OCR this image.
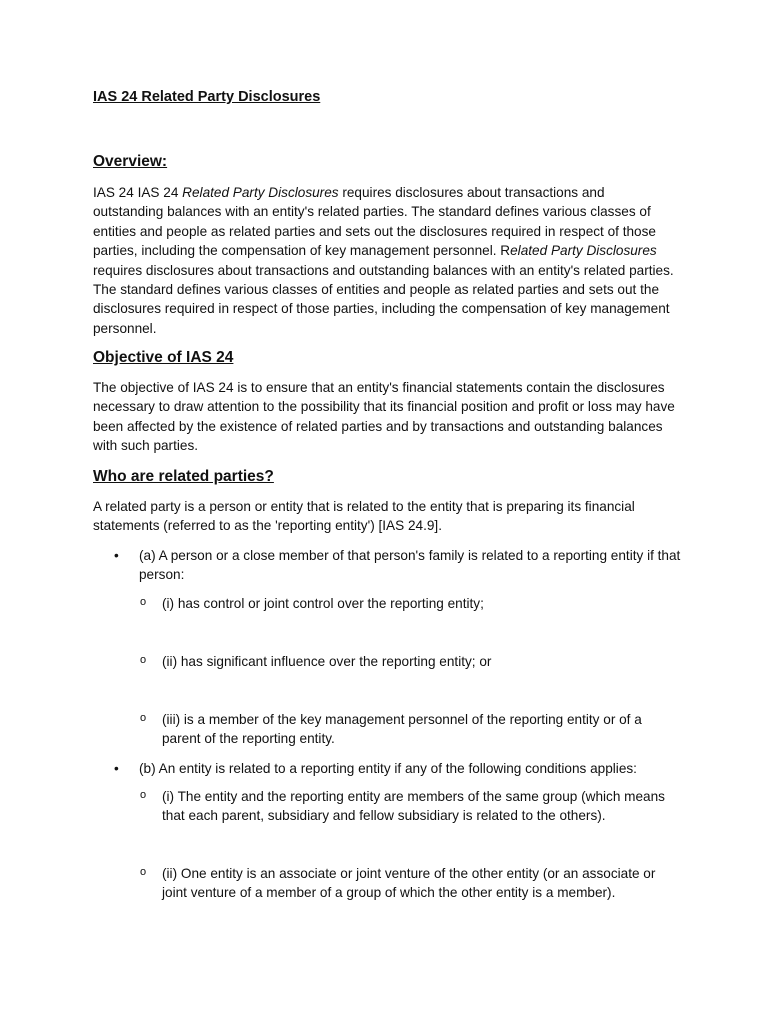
IAS 24 Related Party Disclosures
Overview:

IAS 24 IAS 24 Related Party Disclosures requires disclosures about transactions and outstanding balances with an entity's related parties. The standard defines various classes of entities and people as related parties and sets out the disclosures required in respect of those parties, including the compensation of key management personnel. Related Party Disclosures requires disclosures about transactions and outstanding balances with an entity's related parties. The standard defines various classes of entities and people as related parties and sets out the disclosures required in respect of those parties, including the compensation of key management personnel.

Objective of IAS 24

The objective of IAS 24 is to ensure that an entity's financial statements contain the disclosures necessary to draw attention to the possibility that its financial position and profit or loss may have been affected by the existence of related parties and by transactions and outstanding balances with such parties.

Who are related parties?

A related party is a person or entity that is related to the entity that is preparing its financial statements (referred to as the 'reporting entity') [IAS 24.9].

• (a) A person or a close member of that person's family is related to a reporting entity if that person:
o (i) has control or joint control over the reporting entity;
o (ii) has significant influence over the reporting entity; or
o (iii) is a member of the key management personnel of the reporting entity or of a parent of the reporting entity.
• (b) An entity is related to a reporting entity if any of the following conditions applies:
o (i) The entity and the reporting entity are members of the same group (which means that each parent, subsidiary and fellow subsidiary is related to the others).
o (ii) One entity is an associate or joint venture of the other entity (or an associate or joint venture of a member of a group of which the other entity is a member).
